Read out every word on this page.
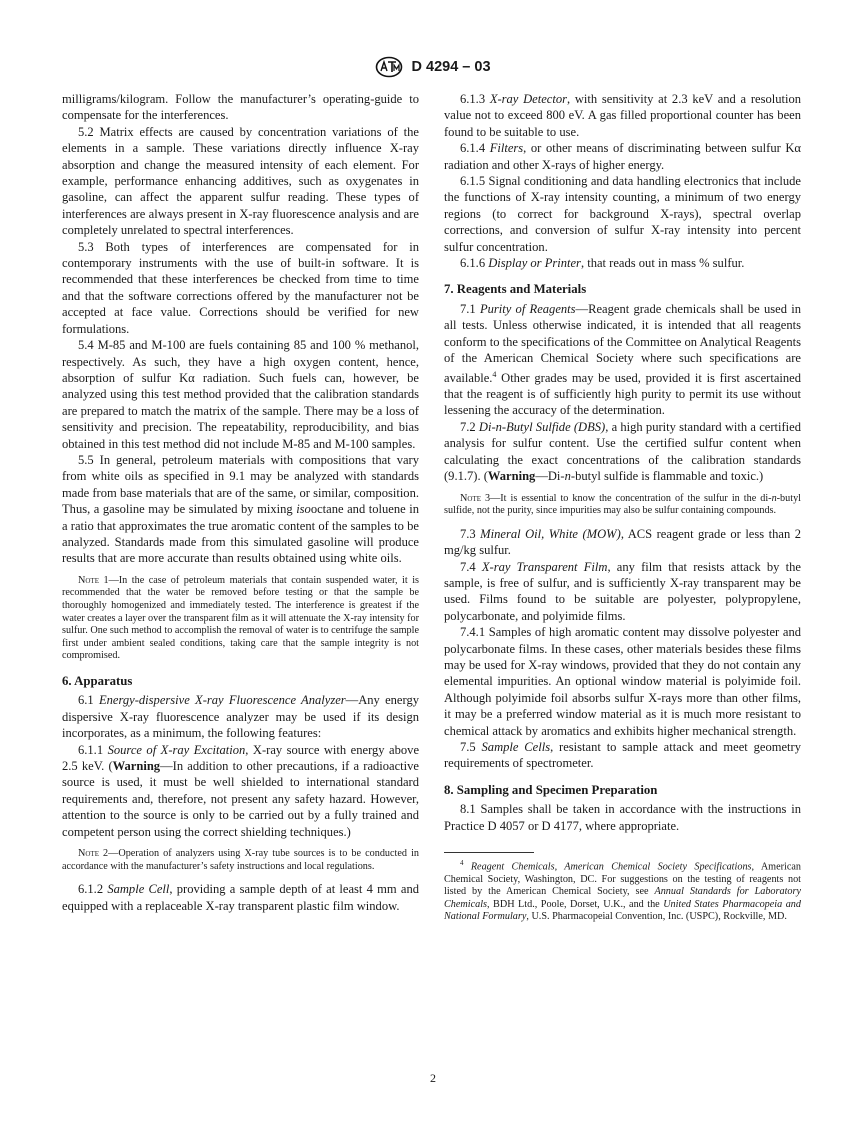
D 4294 – 03

milligrams/kilogram. Follow the manufacturer’s operating-guide to compensate for the interferences.

5.2 Matrix effects are caused by concentration variations of the elements in a sample. These variations directly influence X-ray absorption and change the measured intensity of each element. For example, performance enhancing additives, such as oxygenates in gasoline, can affect the apparent sulfur reading. These types of interferences are always present in X-ray fluorescence analysis and are completely unrelated to spectral interferences.

5.3 Both types of interferences are compensated for in contemporary instruments with the use of built-in software. It is recommended that these interferences be checked from time to time and that the software corrections offered by the manufacturer not be accepted at face value. Corrections should be verified for new formulations.

5.4 M-85 and M-100 are fuels containing 85 and 100 % methanol, respectively. As such, they have a high oxygen content, hence, absorption of sulfur Kα radiation. Such fuels can, however, be analyzed using this test method provided that the calibration standards are prepared to match the matrix of the sample. There may be a loss of sensitivity and precision. The repeatability, reproducibility, and bias obtained in this test method did not include M-85 and M-100 samples.

5.5 In general, petroleum materials with compositions that vary from white oils as specified in 9.1 may be analyzed with standards made from base materials that are of the same, or similar, composition. Thus, a gasoline may be simulated by mixing isooctane and toluene in a ratio that approximates the true aromatic content of the samples to be analyzed. Standards made from this simulated gasoline will produce results that are more accurate than results obtained using white oils.

Note 1—In the case of petroleum materials that contain suspended water, it is recommended that the water be removed before testing or that the sample be thoroughly homogenized and immediately tested. The interference is greatest if the water creates a layer over the transparent film as it will attenuate the X-ray intensity for sulfur. One such method to accomplish the removal of water is to centrifuge the sample first under ambient sealed conditions, taking care that the sample integrity is not compromised.
6. Apparatus

6.1 Energy-dispersive X-ray Fluorescence Analyzer—Any energy dispersive X-ray fluorescence analyzer may be used if its design incorporates, as a minimum, the following features:

6.1.1 Source of X-ray Excitation, X-ray source with energy above 2.5 keV. (Warning—In addition to other precautions, if a radioactive source is used, it must be well shielded to international standard requirements and, therefore, not present any safety hazard. However, attention to the source is only to be carried out by a fully trained and competent person using the correct shielding techniques.)

Note 2—Operation of analyzers using X-ray tube sources is to be conducted in accordance with the manufacturer’s safety instructions and local regulations.

6.1.2 Sample Cell, providing a sample depth of at least 4 mm and equipped with a replaceable X-ray transparent plastic film window.

6.1.3 X-ray Detector, with sensitivity at 2.3 keV and a resolution value not to exceed 800 eV. A gas filled proportional counter has been found to be suitable to use.

6.1.4 Filters, or other means of discriminating between sulfur Kα radiation and other X-rays of higher energy.

6.1.5 Signal conditioning and data handling electronics that include the functions of X-ray intensity counting, a minimum of two energy regions (to correct for background X-rays), spectral overlap corrections, and conversion of sulfur X-ray intensity into percent sulfur concentration.

6.1.6 Display or Printer, that reads out in mass % sulfur.

7. Reagents and Materials

7.1 Purity of Reagents—Reagent grade chemicals shall be used in all tests. Unless otherwise indicated, it is intended that all reagents conform to the specifications of the Committee on Analytical Reagents of the American Chemical Society where such specifications are available.$^4$ Other grades may be used, provided it is first ascertained that the reagent is of sufficiently high purity to permit its use without lessening the accuracy of the determination.

7.2 Di-n-Butyl Sulfide (DBS), a high purity standard with a certified analysis for sulfur content. Use the certified sulfur content when calculating the exact concentrations of the calibration standards (9.1.7). (Warning—Di-n-butyl sulfide is flammable and toxic.)

Note 3—It is essential to know the concentration of the sulfur in the di-n-butyl sulfide, not the purity, since impurities may also be sulfur containing compounds.

7.3 Mineral Oil, White (MOW), ACS reagent grade or less than 2 mg/kg sulfur.

7.4 X-ray Transparent Film, any film that resists attack by the sample, is free of sulfur, and is sufficiently X-ray transparent may be used. Films found to be suitable are polyester, polypropylene, polycarbonate, and polyimide films.

7.4.1 Samples of high aromatic content may dissolve polyester and polycarbonate films. In these cases, other materials besides these films may be used for X-ray windows, provided that they do not contain any elemental impurities. An optional window material is polyimide foil. Although polyimide foil absorbs sulfur X-rays more than other films, it may be a preferred window material as it is much more resistant to chemical attack by aromatics and exhibits higher mechanical strength.

7.5 Sample Cells, resistant to sample attack and meet geometry requirements of spectrometer.

8. Sampling and Specimen Preparation

8.1 Samples shall be taken in accordance with the instructions in Practice D 4057 or D 4177, where appropriate.

$^4$ Reagent Chemicals, American Chemical Society Specifications, American Chemical Society, Washington, DC. For suggestions on the testing of reagents not listed by the American Chemical Society, see Annual Standards for Laboratory Chemicals, BDH Ltd., Poole, Dorset, U.K., and the United States Pharmacopeia and National Formulary, U.S. Pharmacopeial Convention, Inc. (USPC), Rockville, MD.

2
